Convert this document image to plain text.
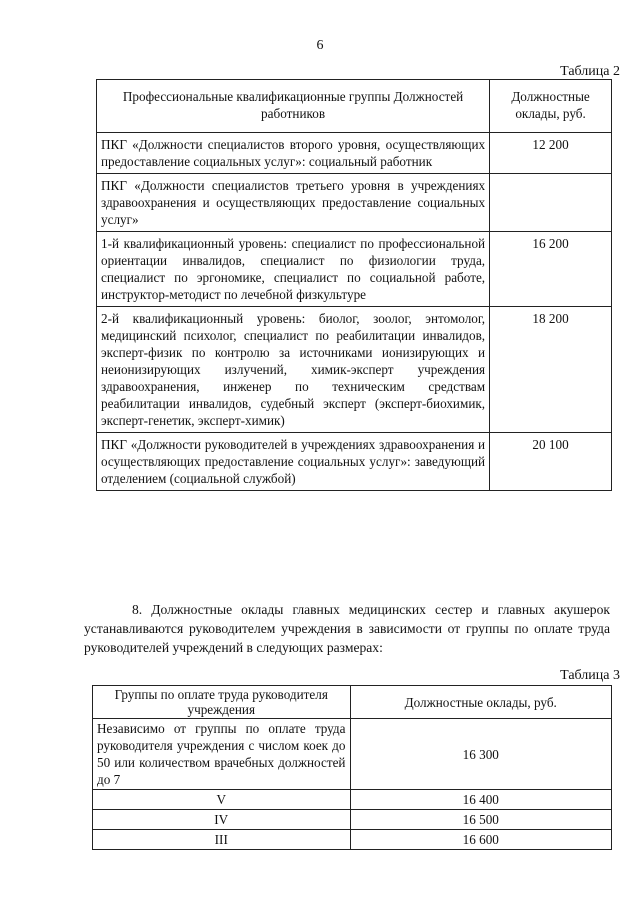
6
Таблица 2
Профессиональные квалификационные группы Должностей работников	Должностные оклады, руб.
ПКГ «Должности специалистов второго уровня, осуществляющих предоставление социальных услуг»: социальный работник	12 200
ПКГ «Должности специалистов третьего уровня в учреждениях здравоохранения и осуществляющих предоставление социальных услуг»	
1-й квалификационный уровень: специалист по профессиональной ориентации инвалидов, специалист по физиологии труда, специалист по эргономике, специалист по социальной работе, инструктор-методист по лечебной физкультуре	16 200
2-й квалификационный уровень: биолог, зоолог, энтомолог, медицинский психолог, специалист по реабилитации инвалидов, эксперт-физик по контролю за источниками ионизирующих и неионизирующих излучений, химик-эксперт учреждения здравоохранения, инженер по техническим средствам реабилитации инвалидов, судебный эксперт (эксперт-биохимик, эксперт-генетик, эксперт-химик)	18 200
ПКГ «Должности руководителей в учреждениях здравоохранения и осуществляющих предоставление социальных услуг»: заведующий отделением (социальной службой)	20 100

8. Должностные оклады главных медицинских сестер и главных акушерок устанавливаются руководителем учреждения в зависимости от группы по оплате труда руководителей учреждений в следующих размерах:

Таблица 3
Группы по оплате труда руководителя учреждения	Должностные оклады, руб.
Независимо от группы по оплате труда руководителя учреждения с числом коек до 50 или количеством врачебных должностей до 7	16 300
V	16 400
IV	16 500
III	16 600
